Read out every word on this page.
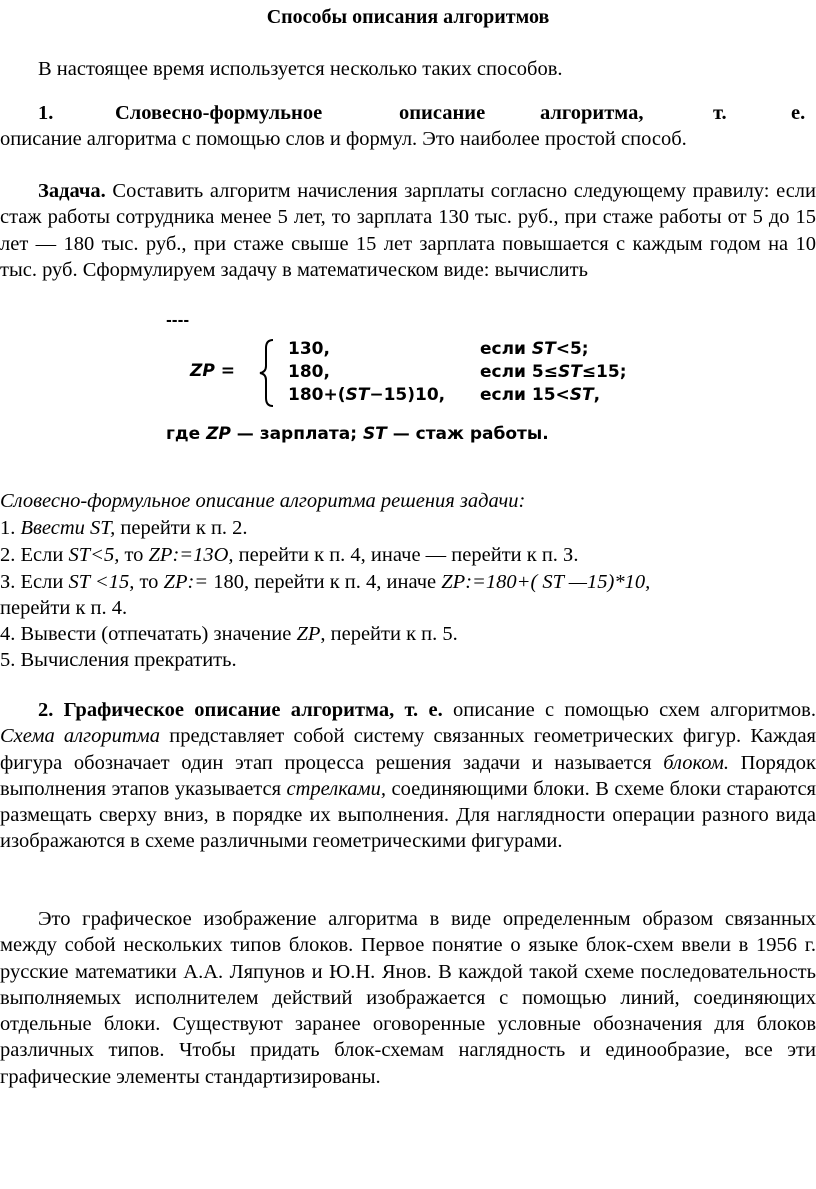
Способы описания алгоритмов

В настоящее время используется несколько таких способов.

1.	Словесно-формульное	описание	алгоритма,	т.	е.

описание алгоритма с помощью слов и формул. Это наиболее простой способ.

Задача. Составить алгоритм начисления зарплаты согласно следующему правилу: если стаж работы сотрудника менее 5 лет, то зарплата 130 тыс. руб., при стаже работы от 5 до 15 лет — 180 тыс. руб., при стаже свыше 15 лет зарплата повышается с каждым годом на 10 тыс. руб. Сформулируем задачу в математическом виде: вычислить

----
ZP =
130,	если ST<5;
180,	если 5≤ST≤15;
180+(ST−15)10, если 15<ST,
где ZP — зарплата; ST — стаж работы.

Словесно-формульное описание алгоритма решения задачи:

1. Ввести ST, перейти к п. 2.

2. Если ST<5, то ZP:=13O, перейти к п. 4, иначе — перейти к п. З.

З. Если ST <15, то ZP:= 180, перейти к п. 4, иначе ZP:=180+( ST —15)*10,

перейти к п. 4.

4. Вывести (отпечатать) значение ZP, перейти к п. 5.

5. Вычисления прекратить.

2. Графическое описание алгоритма, т. е. описание с помощью схем алгоритмов. Схема алгоритма представляет собой систему связанных геометрических фигур. Каждая фигура обозначает один этап процесса решения задачи и называется блоком. Порядок выполнения этапов указывается стрелками, соединяющими блоки. В схеме блоки стараются размещать сверху вниз, в порядке их выполнения. Для наглядности операции разного вида изображаются в схеме различными геометрическими фигурами.

Это графическое изображение алгоритма в виде определенным образом связанных между собой нескольких типов блоков. Первое понятие о языке блок-схем ввели в 1956 г. русские математики А.А. Ляпунов и Ю.Н. Янов. В каждой такой схеме последовательность выполняемых исполнителем действий изображается с помощью линий, соединяющих отдельные блоки. Существуют заранее оговоренные условные обозначения для блоков различных типов. Чтобы придать блок-схемам наглядность и единообразие, все эти графические элементы стандартизированы.
